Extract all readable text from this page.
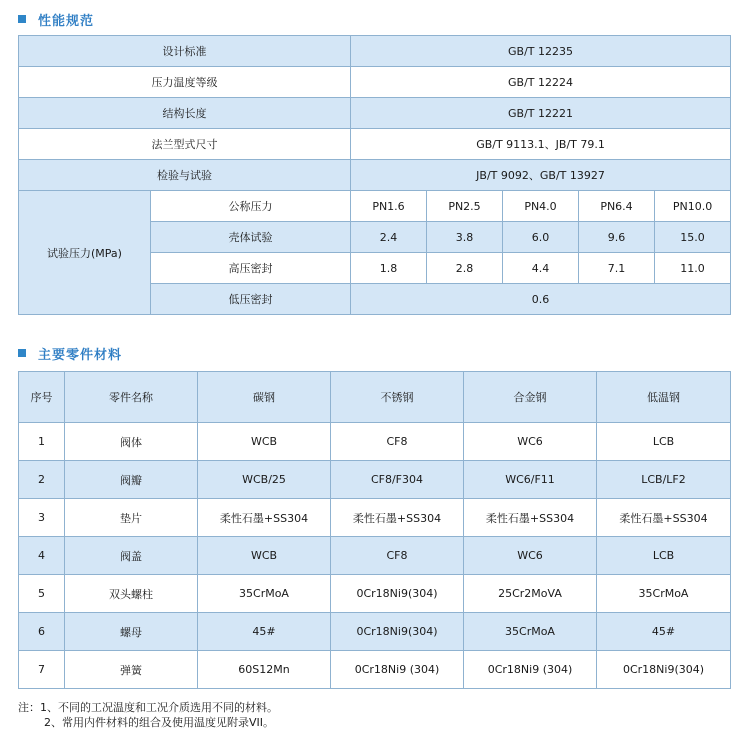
性能规范
设计标准		GB/T 12235				
压力温度等级		GB/T 12224				
结构长度		GB/T 12221				
法兰型式尺寸		GB/T 9113.1、JB/T 79.1				
检验与试验		JB/T 9092、GB/T 13927				
试验压力(MPa)	公称压力	PN1.6	PN2.5	PN4.0	PN6.4	PN10.0
	壳体试验	2.4	3.8	6.0	9.6	15.0
	高压密封	1.8	2.8	4.4	7.1	11.0
	低压密封	0.6				
主要零件材料
序号	零件名称	碳钢	不锈钢	合金钢	低温钢
1	阀体	WCB	CF8	WC6	LCB
2	阀瓣	WCB/25	CF8/F304	WC6/F11	LCB/LF2
3	垫片	柔性石墨+SS304	柔性石墨+SS304	柔性石墨+SS304	柔性石墨+SS304
4	阀盖	WCB	CF8	WC6	LCB
5	双头螺柱	35CrMoA	0Cr18Ni9(304)	25Cr2MoVA	35CrMoA
6	螺母	45#	0Cr18Ni9(304)	35CrMoA	45#
7	弹簧	60S12Mn	0Cr18Ni9 (304)	0Cr18Ni9 (304)	0Cr18Ni9(304)
注：1、不同的工况温度和工况介质选用不同的材料。
2、常用内件材料的组合及使用温度见附录VII。
